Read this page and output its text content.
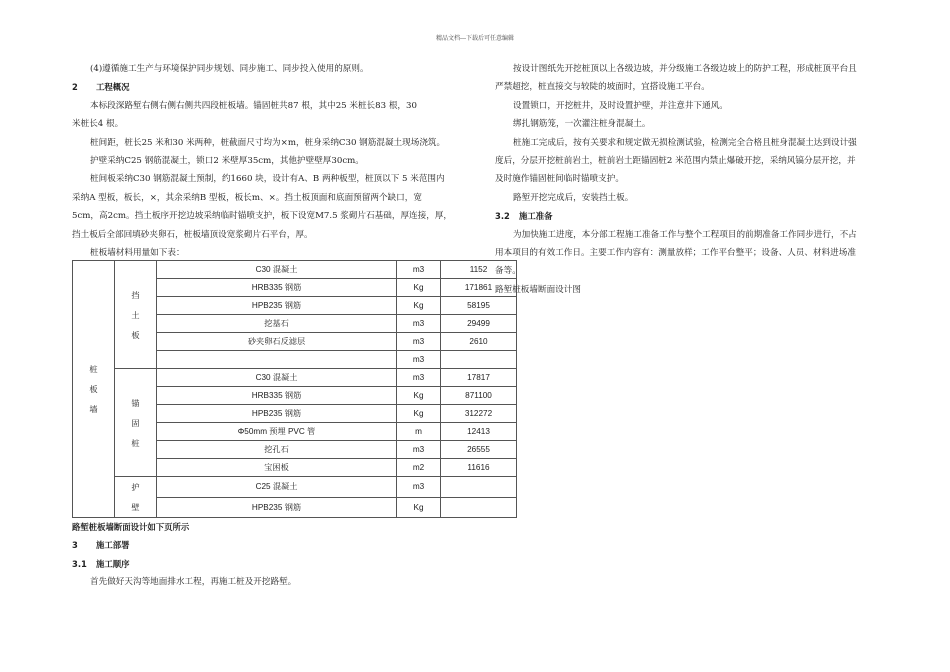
精品文档---下载后可任意编辑

(4)遵循施工生产与环境保护同步规划、同步施工、同步投入使用的原则。

2 工程概况

本标段深路堑右侧右侧右侧共四段桩板墙。锚固桩共87 根，其中25 米桩长83 根，30

米桩长4 根。

桩间距，桩长25 米和30 米两种，桩截面尺寸均为×m，桩身采纳C30 钢筋混凝土现场浇筑。

护壁采纳C25 钢筋混凝土，锁口2 米壁厚35cm，其他护壁壁厚30cm。

桩间板采纳C30 钢筋混凝土预制，约1660 块，设计有A、B 两种板型，桩顶以下 5 米范围内

采纳A 型板，板长，×，其余采纳B 型板，板长m、×。挡土板顶面和底面预留两个缺口，宽

5cm，高2cm。挡土板序开挖边坡采纳临时锚喷支护，板下设宽M7.5 浆砌片石基础，厚连接，厚，

挡土板后全部回填砂夹卵石，桩板墙顶设宽浆砌片石平台，厚。

桩板墙材料用量如下表：

桩
板
墙	挡
土
板	C30 混凝土	m3	1152
		HRB335 钢筋	Kg	171861
		HPB235 钢筋	Kg	58195
		挖基石	m3	29499
		砂夹卵石反滤层	m3	2610
			m3	
	锚
固
桩	C30 混凝土	m3	17817
		HRB335 钢筋	Kg	871100
		HPB235 钢筋	Kg	312272
		Φ50mm 预埋 PVC 管	m	12413
		挖孔石	m3	26555
		宝困板	m2	11616
	护
壁	C25 混凝土	m3	
		HPB235 钢筋	Kg	

路堑桩板墙断面设计如下页所示

3 施工部署

3.1 施工顺序

首先做好天沟等地面排水工程，再施工桩及开挖路堑。

按设计图纸先开挖桩顶以上各级边坡，并分级施工各级边坡上的防护工程，形成桩顶平台且

严禁超挖，桩直接交与较陡的坡面时，宜搭设施工平台。

设置锁口，开挖桩井，及时设置护壁，并注意井下通风。

绑扎钢筋笼，一次灌注桩身混凝土。

桩施工完成后，按有关要求和规定做无损检测试验，检测完全合格且桩身混凝土达到设计强

度后，分层开挖桩前岩土，桩前岩土距锚固桩2 米范围内禁止爆破开挖，采纳风镐分层开挖，并

及时施作锚固桩间临时锚喷支护。

路堑开挖完成后，安装挡土板。

3.2 施工准备

为加快施工进度，本分部工程施工准备工作与整个工程项目的前期准备工作同步进行，不占

用本项目的有效工作日。主要工作内容有：测量放样；工作平台整平；设备、人员、材料进场准

备等。

路堑桩板墙断面设计图
